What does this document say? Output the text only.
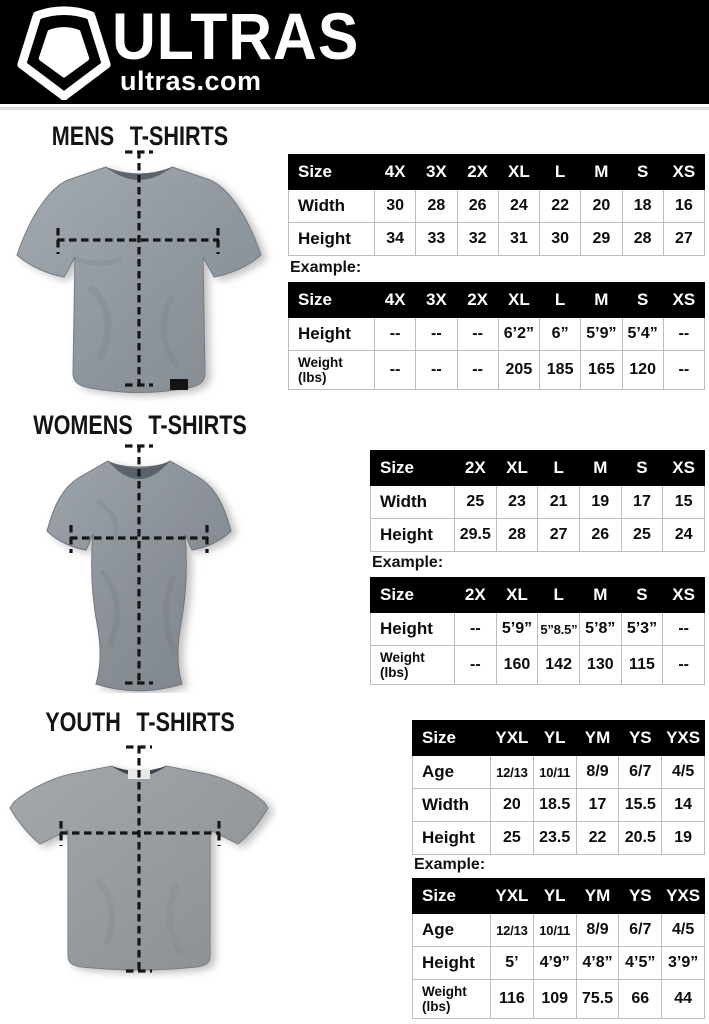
ULTRAS
ultras.com
MENS T-SHIRTS
WOMENS T-SHIRTS
YOUTH T-SHIRTS
Size	4X	3X	2X	XL	L	M	S	XS
Width	30	28	26	24	22	20	18	16
Height	34	33	32	31	30	29	28	27
Example:
Size	4X	3X	2X	XL	L	M	S	XS
Height	--	--	--	6’2”	6”	5’9”	5’4”	--
Weight (lbs)	--	--	--	205	185	165	120	--
Size	2X	XL	L	M	S	XS
Width	25	23	21	19	17	15
Height	29.5	28	27	26	25	24
Example:
Size	2X	XL	L	M	S	XS
Height	--	5’9”	5”8.5”	5’8”	5’3”	--
Weight (lbs)	--	160	142	130	115	--
Size	YXL	YL	YM	YS	YXS
Age	12/13	10/11	8/9	6/7	4/5
Width	20	18.5	17	15.5	14
Height	25	23.5	22	20.5	19
Example:
Size	YXL	YL	YM	YS	YXS
Age	12/13	10/11	8/9	6/7	4/5
Height	5’	4’9”	4’8”	4’5”	3’9”
Weight (lbs)	116	109	75.5	66	44
